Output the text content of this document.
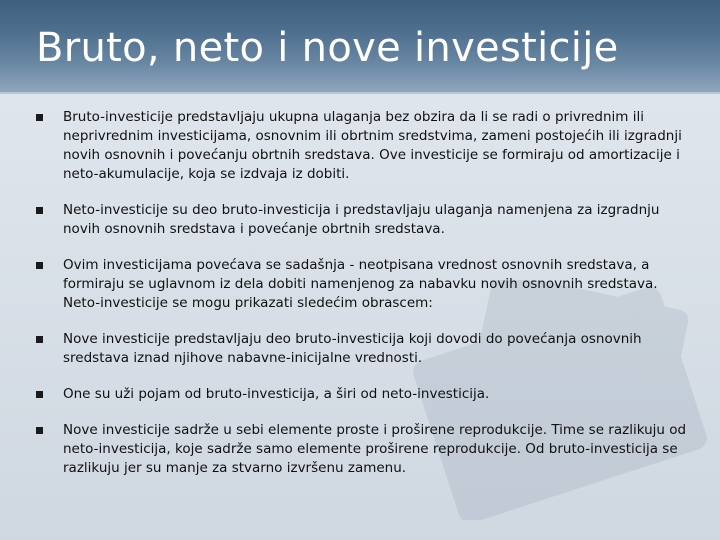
Bruto, neto i nove investicije
Bruto-investicije predstavljaju ukupna ulaganja bez obzira da li se radi o privrednim ili neprivrednim investicijama, osnovnim ili obrtnim sredstvima, zameni postojećih ili izgradnji novih osnovnih i povećanju obrtnih sredstava. Ove investicije se formiraju od amortizacije i neto-akumulacije, koja se izdvaja iz dobiti.
Neto-investicije su deo bruto-investicija i predstavljaju ulaganja namenjena za izgradnju novih osnovnih sredstava i povećanje obrtnih sredstava.
Ovim investicijama povećava se sadašnja - neotpisana vrednost osnovnih sredstava, a formiraju se uglavnom iz dela dobiti namenjenog za nabavku novih osnovnih sredstava. Neto-investicije se mogu prikazati sledećim obrascem:
Nove investicije predstavljaju deo bruto-investicija koji dovodi do povećanja osnovnih sredstava iznad njihove nabavne-inicijalne vrednosti.
One su uži pojam od bruto-investicija, a širi od neto-investicija.
Nove investicije sadrže u sebi elemente proste i proširene reprodukcije. Time se razlikuju od neto-investicija, koje sadrže samo elemente proširene reprodukcije. Od bruto-investicija se razlikuju jer su manje za stvarno izvršenu zamenu.
